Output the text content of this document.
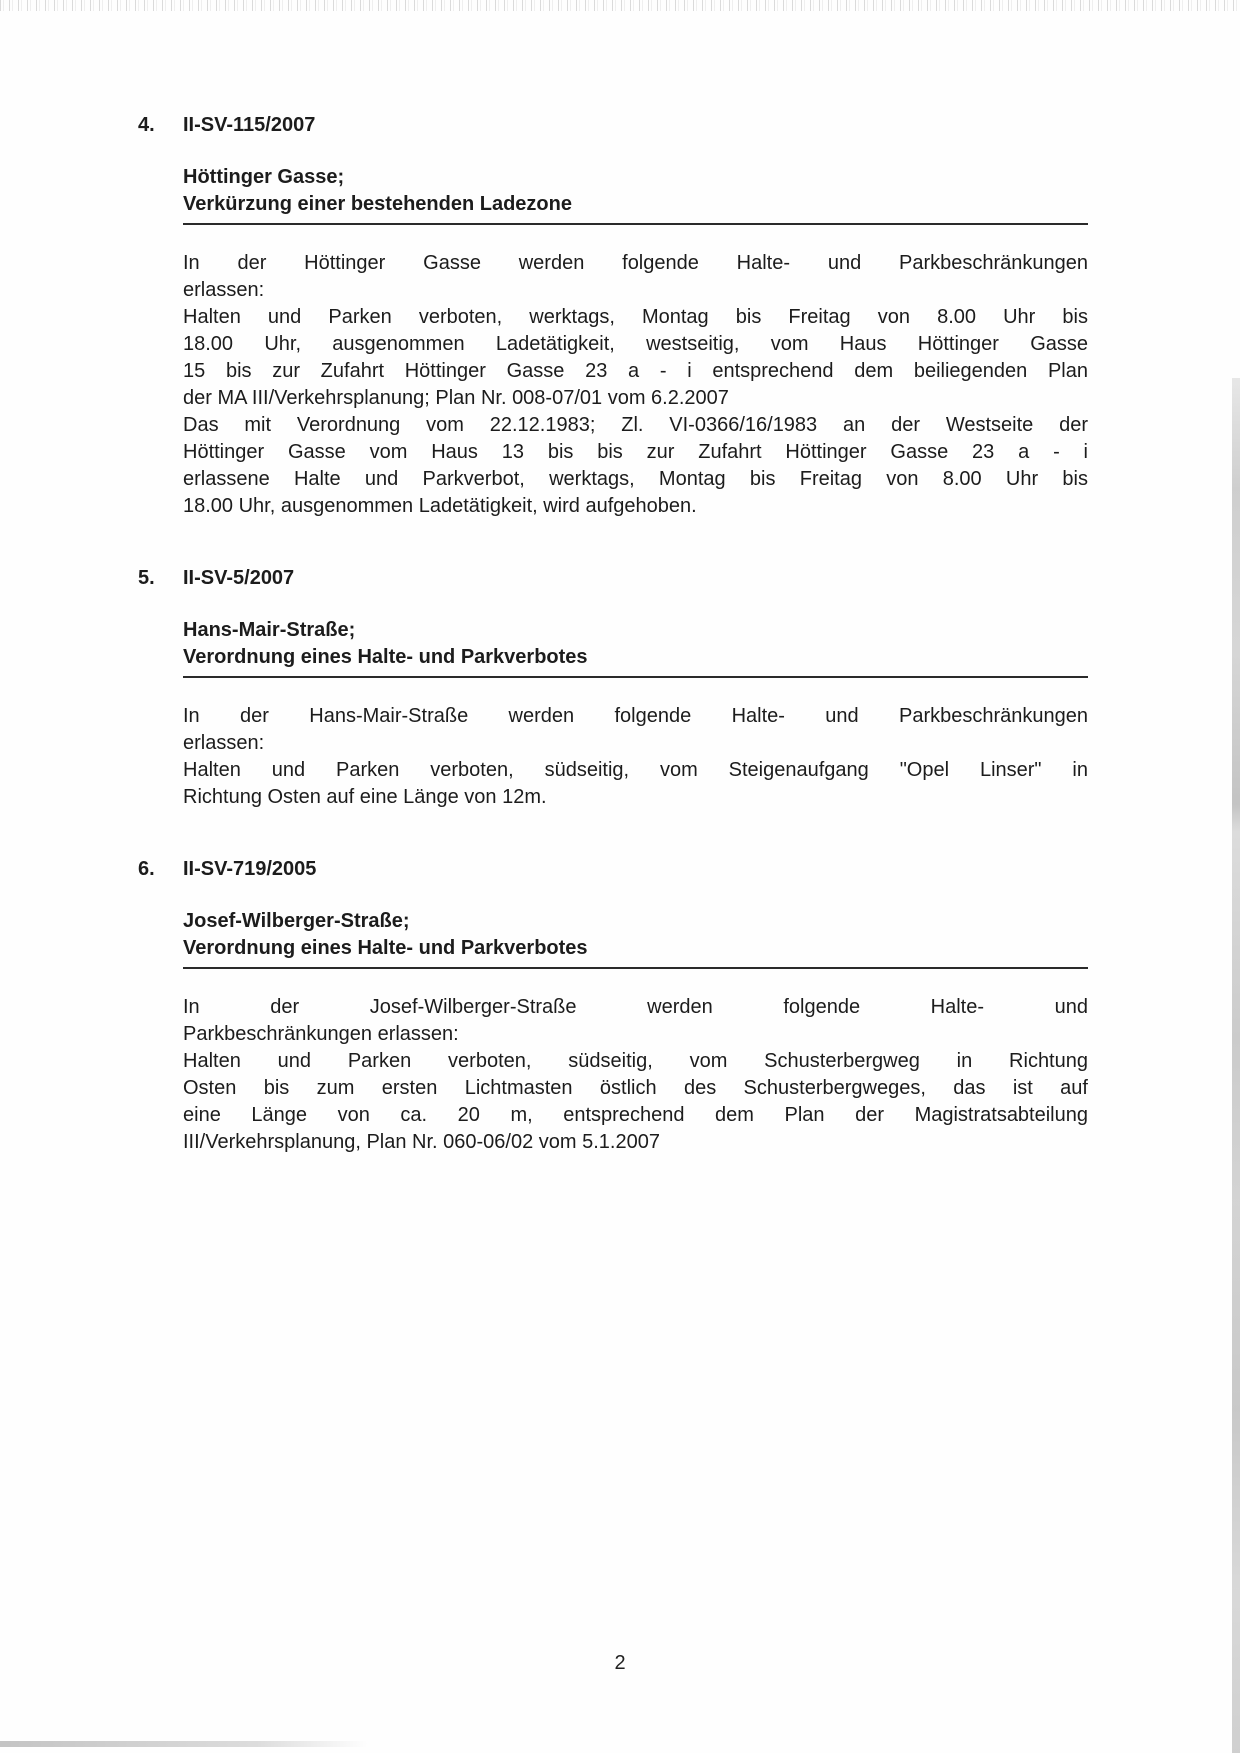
4.	II-SV-115/2007
Höttinger Gasse;
Verkürzung einer bestehenden Ladezone
In der Höttinger Gasse werden folgende Halte- und Parkbeschränkungen
erlassen:
Halten und Parken verboten, werktags, Montag bis Freitag von 8.00 Uhr bis
18.00 Uhr, ausgenommen Ladetätigkeit, westseitig, vom Haus Höttinger Gasse
15 bis zur Zufahrt Höttinger Gasse 23 a - i entsprechend dem beiliegenden Plan
der MA III/Verkehrsplanung; Plan Nr. 008-07/01 vom 6.2.2007
Das mit Verordnung vom 22.12.1983; Zl. VI-0366/16/1983 an der Westseite der
Höttinger Gasse vom Haus 13 bis bis zur Zufahrt Höttinger Gasse 23 a - i
erlassene Halte und Parkverbot, werktags, Montag bis Freitag von 8.00 Uhr bis
18.00 Uhr, ausgenommen Ladetätigkeit, wird aufgehoben.
5.	II-SV-5/2007
Hans-Mair-Straße;
Verordnung eines Halte- und Parkverbotes
In der Hans-Mair-Straße werden folgende Halte- und Parkbeschränkungen
erlassen:
Halten und Parken verboten, südseitig, vom Steigenaufgang "Opel Linser" in
Richtung Osten auf eine Länge von 12m.
6.	II-SV-719/2005
Josef-Wilberger-Straße;
Verordnung eines Halte- und Parkverbotes
In der Josef-Wilberger-Straße werden folgende Halte- und
Parkbeschränkungen erlassen:
Halten und Parken verboten, südseitig, vom Schusterbergweg in Richtung
Osten bis zum ersten Lichtmasten östlich des Schusterbergweges, das ist auf
eine Länge von ca. 20 m, entsprechend dem Plan der Magistratsabteilung
III/Verkehrsplanung, Plan Nr. 060-06/02 vom 5.1.2007
2
